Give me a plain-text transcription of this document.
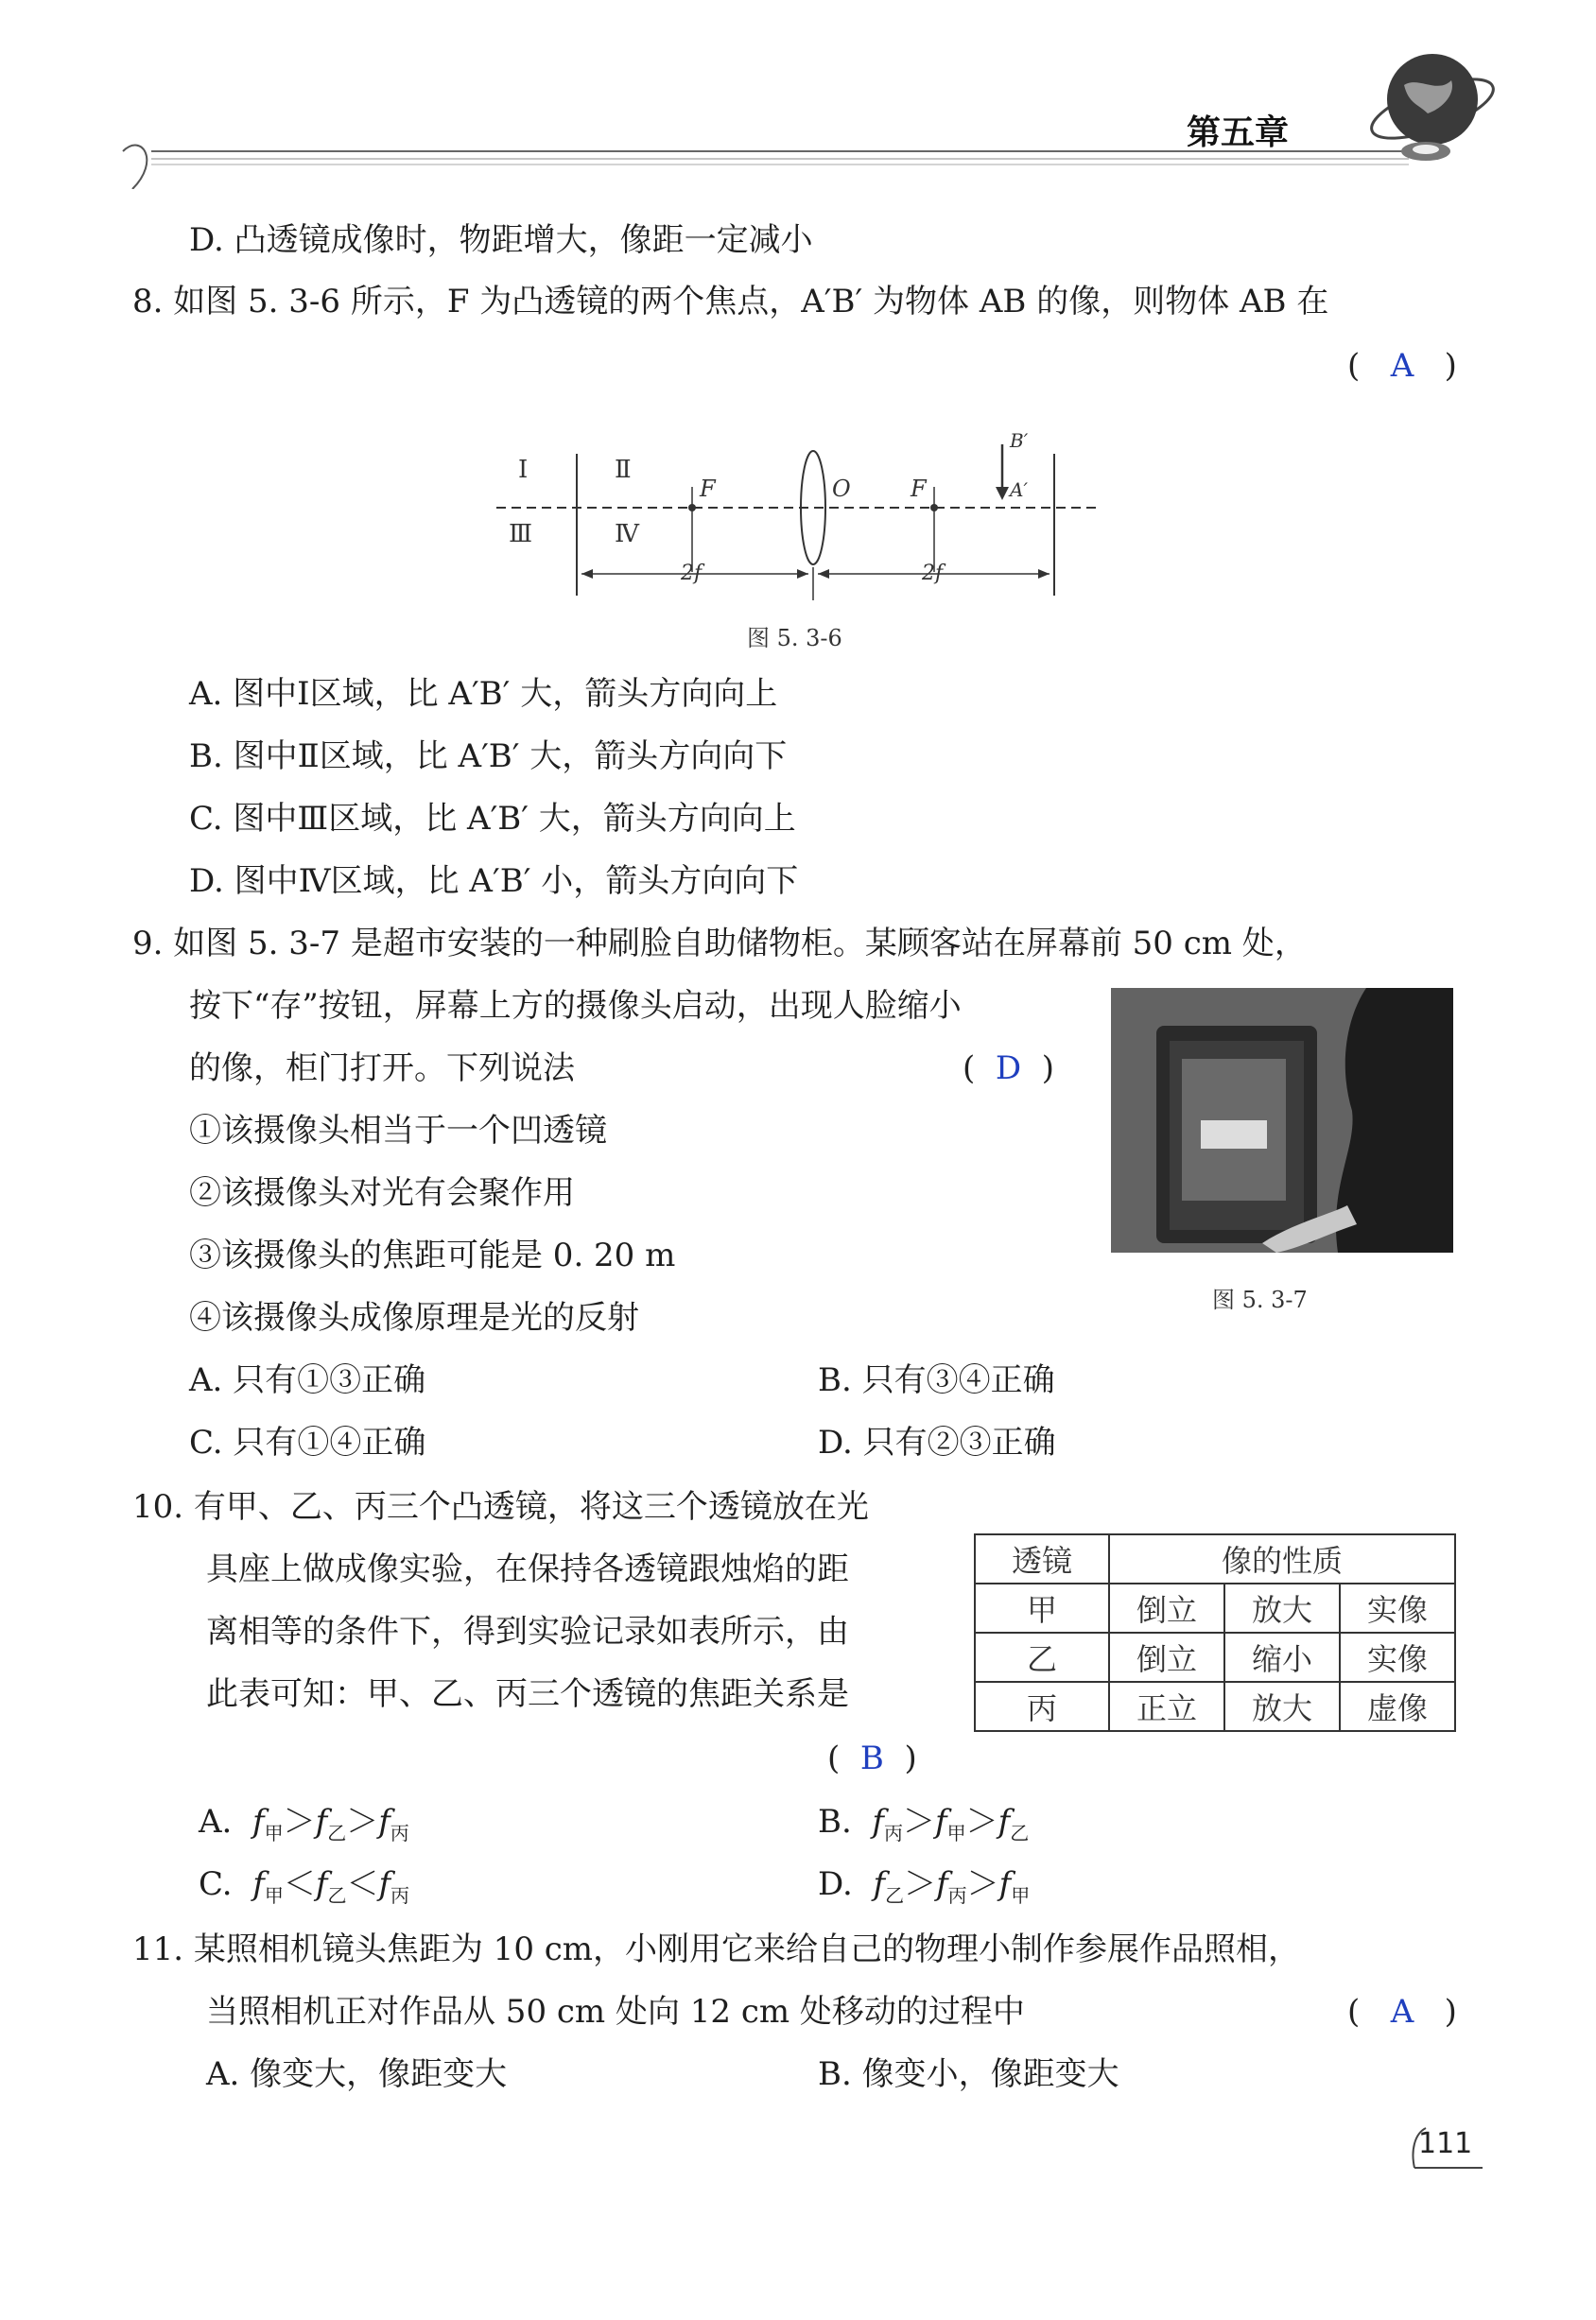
第五章
D. 凸透镜成像时，物距增大，像距一定减小
8. 如图 5. 3-6 所示，F 为凸透镜的两个焦点，A′B′ 为物体 AB 的像，则物体 AB 在
(   A   )
Ⅰ	Ⅱ
Ⅲ	Ⅳ
F	O	F
B′
A′
2f	2f
图 5. 3-6
A. 图中Ⅰ区域，比 A′B′ 大，箭头方向向上
B. 图中Ⅱ区域，比 A′B′ 大，箭头方向向下
C. 图中Ⅲ区域，比 A′B′ 大，箭头方向向上
D. 图中Ⅳ区域，比 A′B′ 小，箭头方向向下
9. 如图 5. 3-7 是超市安装的一种刷脸自助储物柜。某顾客站在屏幕前 50 cm 处，
按下“存”按钮，屏幕上方的摄像头启动，出现人脸缩小
的像，柜门打开。下列说法	(  D  )
①该摄像头相当于一个凹透镜
②该摄像头对光有会聚作用
③该摄像头的焦距可能是 0. 20 m
④该摄像头成像原理是光的反射	图 5. 3-7
A. 只有①③正确	B. 只有③④正确
C. 只有①④正确	D. 只有②③正确
10. 有甲、乙、丙三个凸透镜，将这三个透镜放在光
具座上做成像实验，在保持各透镜跟烛焰的距
离相等的条件下，得到实验记录如表所示，由
此表可知：甲、乙、丙三个透镜的焦距关系是
(  B  )
透镜	像的性质		
甲	倒立	放大	实像
乙	倒立	缩小	实像
丙	正立	放大	虚像
A. $f_甲>f_乙>f_丙$	B. $f_丙>f_甲>f_乙$
C. $f_甲<f_乙<f_丙$	D. $f_乙>f_丙>f_甲$
11. 某照相机镜头焦距为 10 cm，小刚用它来给自己的物理小制作参展作品照相，
当照相机正对作品从 50 cm 处向 12 cm 处移动的过程中	(   A   )
A. 像变大，像距变大	B. 像变小，像距变大
111
